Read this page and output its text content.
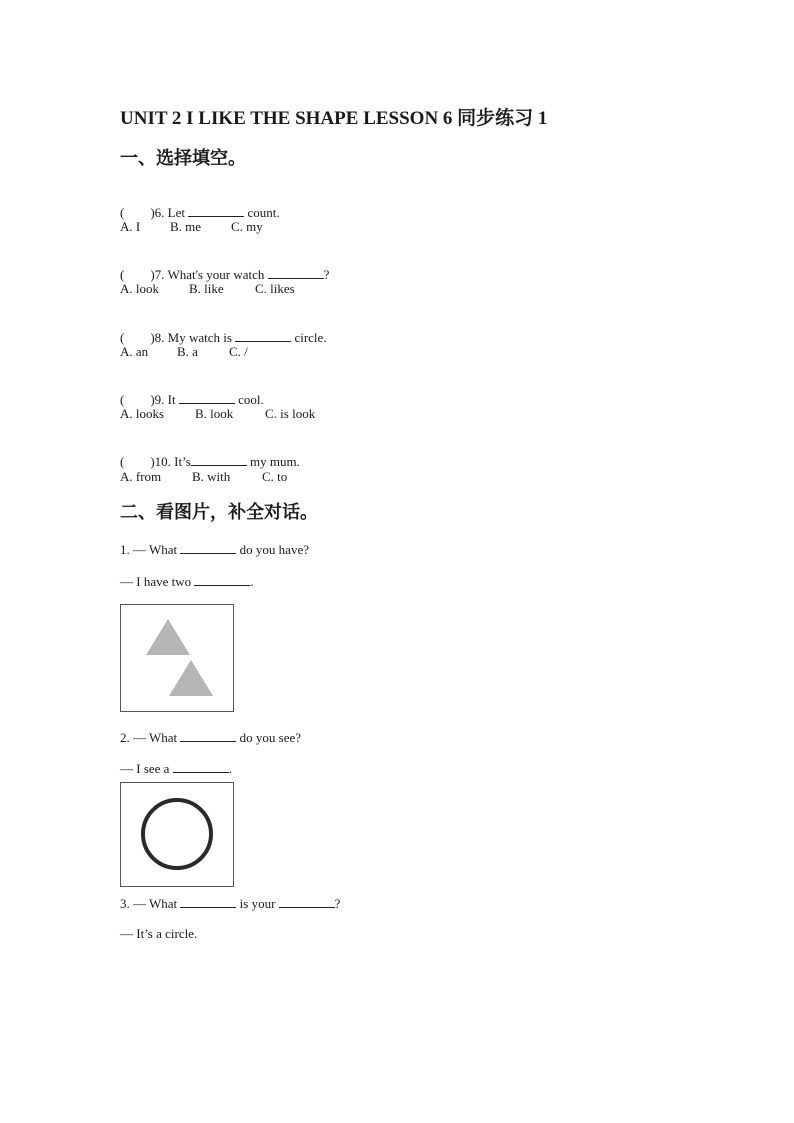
UNIT 2 I LIKE THE SHAPE LESSON 6 同步练习 1
一、选择填空。

(        )6. Let	count.

A. I B. me C. my

(        )7. What's your watch	?

A. look B. like C. likes

(        )8. My watch is	circle.

A. an B. a C. /

(        )9. It	cool.

A. looks B. look C. is look

(        )10. It’s	my mum.

A. from B. with C. to
二、看图片，补全对话。
1. — What	do you have?
— I have two	.
2. — What	do you see?
— I see a	.
3. — What	is your	?
— It’s a circle.
